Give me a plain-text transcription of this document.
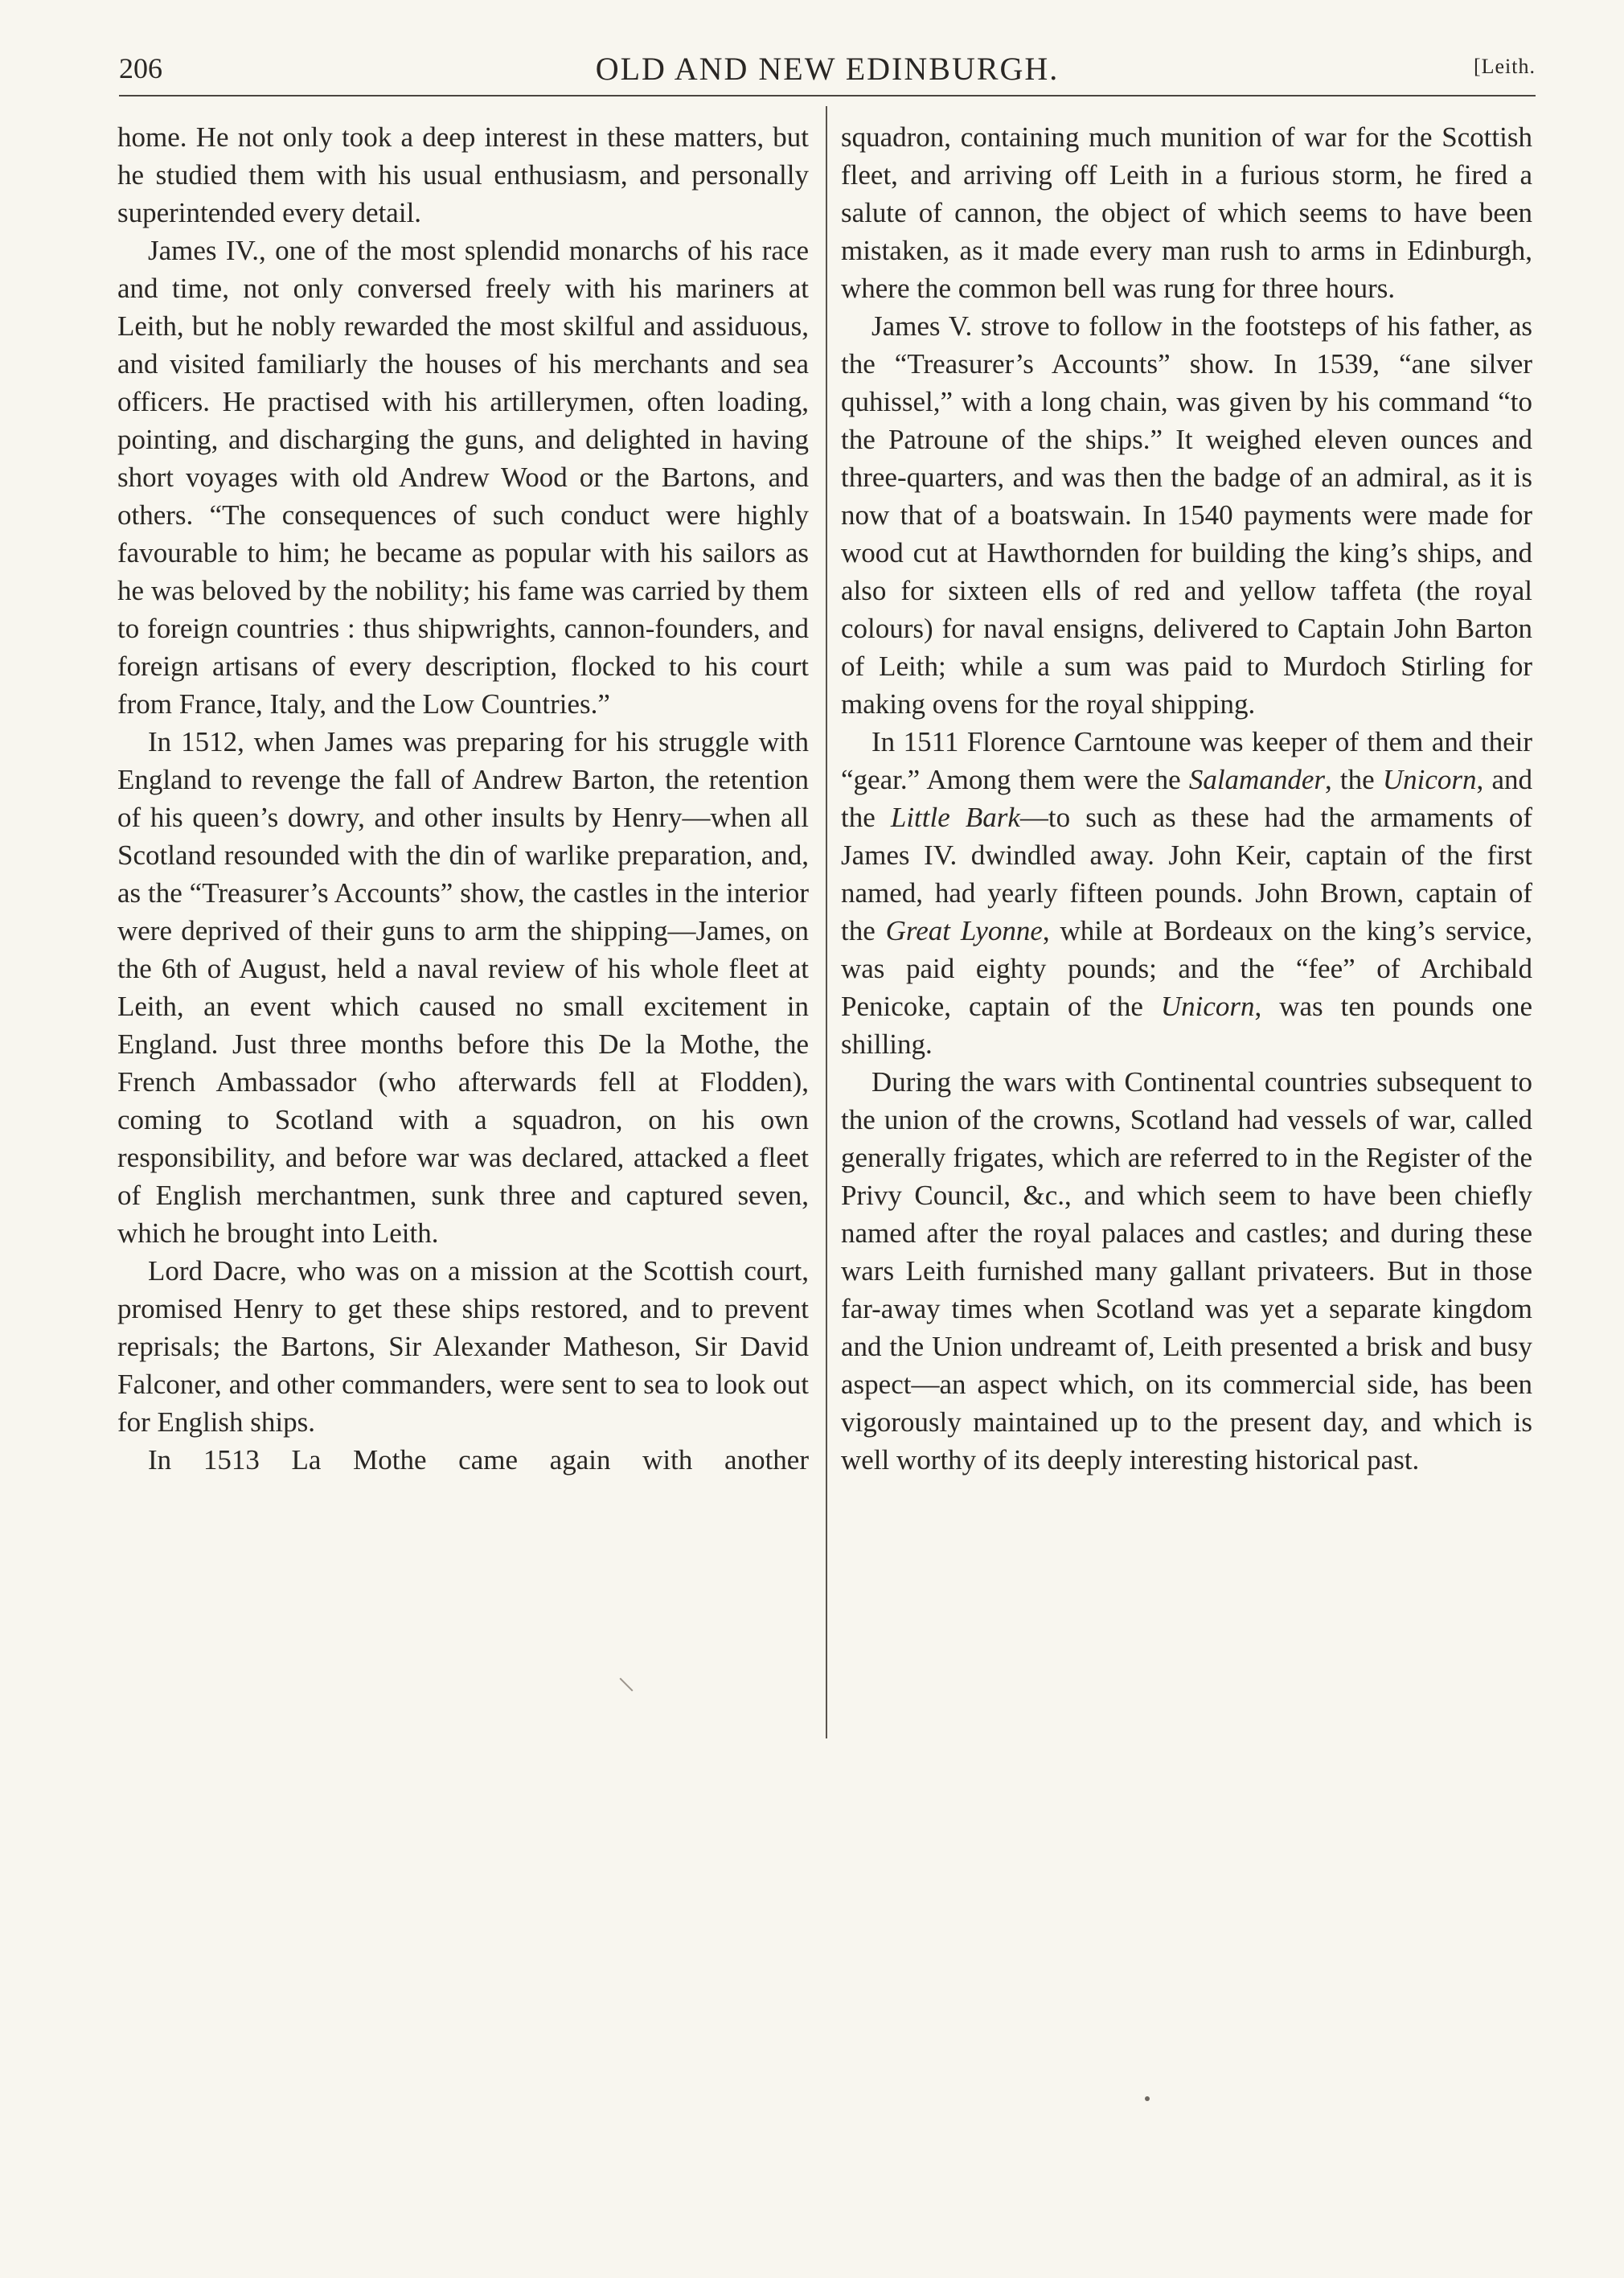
206	OLD AND NEW EDINBURGH.	[Leith.

home. He not only took a deep interest in these matters, but he studied them with his usual enthusiasm, and personally superintended every detail.

James IV., one of the most splendid monarchs of his race and time, not only conversed freely with his mariners at Leith, but he nobly rewarded the most skilful and assiduous, and visited familiarly the houses of his merchants and sea officers. He practised with his artillerymen, often loading, pointing, and discharging the guns, and delighted in having short voyages with old Andrew Wood or the Bartons, and others. “The consequences of such conduct were highly favourable to him; he became as popular with his sailors as he was beloved by the nobility; his fame was carried by them to foreign countries : thus shipwrights, cannon-founders, and foreign artisans of every description, flocked to his court from France, Italy, and the Low Countries.”

In 1512, when James was preparing for his struggle with England to revenge the fall of Andrew Barton, the retention of his queen’s dowry, and other insults by Henry—when all Scotland resounded with the din of warlike preparation, and, as the “Treasurer’s Accounts” show, the castles in the interior were deprived of their guns to arm the shipping—James, on the 6th of August, held a naval review of his whole fleet at Leith, an event which caused no small excitement in England. Just three months before this De la Mothe, the French Ambassador (who afterwards fell at Flodden), coming to Scotland with a squadron, on his own responsibility, and before war was declared, attacked a fleet of English merchantmen, sunk three and captured seven, which he brought into Leith.

Lord Dacre, who was on a mission at the Scottish court, promised Henry to get these ships restored, and to prevent reprisals; the Bartons, Sir Alexander Matheson, Sir David Falconer, and other commanders, were sent to sea to look out for English ships.

In 1513 La Mothe came again with another

squadron, containing much munition of war for the Scottish fleet, and arriving off Leith in a furious storm, he fired a salute of cannon, the object of which seems to have been mistaken, as it made every man rush to arms in Edinburgh, where the common bell was rung for three hours.

James V. strove to follow in the footsteps of his father, as the “Treasurer’s Accounts” show. In 1539, “ane silver quhissel,” with a long chain, was given by his command “to the Patroune of the ships.” It weighed eleven ounces and three-quarters, and was then the badge of an admiral, as it is now that of a boatswain. In 1540 payments were made for wood cut at Hawthornden for building the king’s ships, and also for sixteen ells of red and yellow taffeta (the royal colours) for naval ensigns, delivered to Captain John Barton of Leith; while a sum was paid to Murdoch Stirling for making ovens for the royal shipping.

In 1511 Florence Carntoune was keeper of them and their “gear.” Among them were the Salamander, the Unicorn, and the Little Bark—to such as these had the armaments of James IV. dwindled away. John Keir, captain of the first named, had yearly fifteen pounds. John Brown, captain of the Great Lyonne, while at Bordeaux on the king’s service, was paid eighty pounds; and the “fee” of Archibald Penicoke, captain of the Unicorn, was ten pounds one shilling.

During the wars with Continental countries subsequent to the union of the crowns, Scotland had vessels of war, called generally frigates, which are referred to in the Register of the Privy Council, &c., and which seem to have been chiefly named after the royal palaces and castles; and during these wars Leith furnished many gallant privateers. But in those far-away times when Scotland was yet a separate kingdom and the Union undreamt of, Leith presented a brisk and busy aspect—an aspect which, on its commercial side, has been vigorously maintained up to the present day, and which is well worthy of its deeply interesting historical past.
